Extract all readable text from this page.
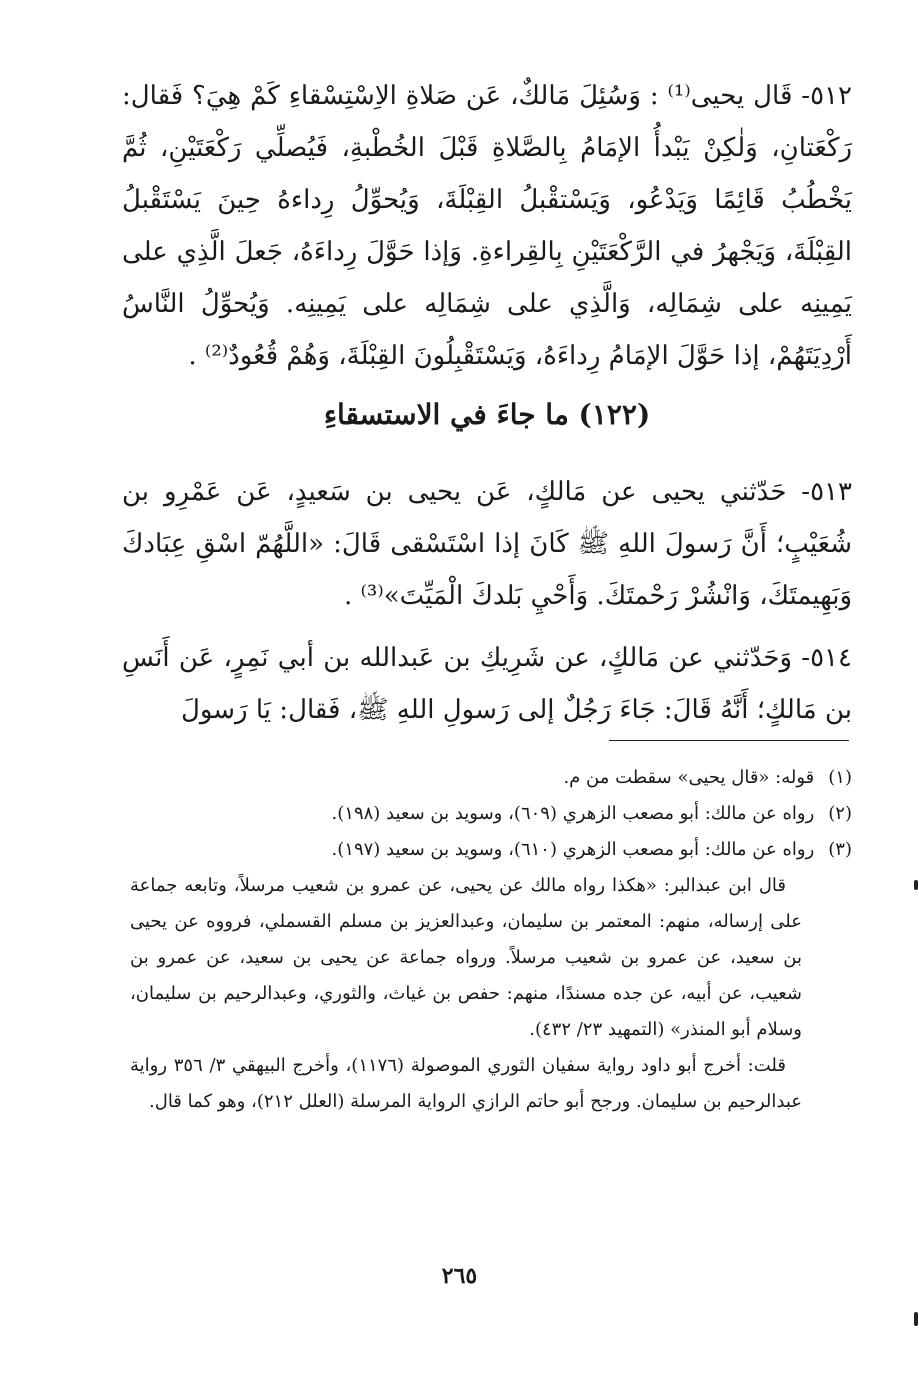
٥١٢- قَال يحيى⁽¹⁾ : وَسُئِلَ مَالكٌ، عَن صَلاةِ الاِسْتِسْقاءِ كَمْ هِيَ؟ فَقال: رَكْعَتانِ، وَلٰكِنْ يَبْدأُ الإمَامُ بِالصَّلاةِ قَبْلَ الخُطْبةِ، فَيُصلِّي رَكْعَتَيْنِ، ثُمَّ يَخْطُبُ قَائِمًا وَيَدْعُو، وَيَسْتقْبلُ القِبْلَةَ، وَيُحوِّلُ رِداءهُ حِينَ يَسْتَقْبلُ القِبْلَةَ، وَيَجْهرُ في الرَّكْعَتَيْنِ بِالقِراءةِ. وَإذا حَوَّلَ رِداءَهُ، جَعلَ الَّذِي على يَمِينِه على شِمَالِه، وَالَّذِي على شِمَالِه على يَمِينِه. وَيُحوِّلُ النَّاسُ أَرْدِيَتَهُمْ، إذا حَوَّلَ الإمَامُ رِداءَهُ، وَيَسْتَقْبِلُونَ القِبْلَةَ، وَهُمْ قُعُودٌ⁽²⁾ .

(١٢٢) ما جاءَ في الاستسقاءِ

٥١٣- حَدّثني يحيى عن مَالكٍ، عَن يحيى بن سَعيدٍ، عَن عَمْرِو بن شُعَيْبٍ؛ أَنَّ رَسولَ اللهِ ﷺ كَانَ إذا اسْتَسْقى قَالَ: «اللَّهُمّ اسْقِ عِبَادكَ وَبَهِيمتَكَ، وَانْشُرْ رَحْمتَكَ. وَأَحْيِ بَلدكَ الْمَيِّتَ»⁽³⁾ .

٥١٤- وَحَدّثني عن مَالكٍ، عن شَرِيكِ بن عَبدالله بن أبي نَمِرٍ، عَن أَنَسِ بن مَالكٍ؛ أَنَّهُ قَالَ: جَاءَ رَجُلٌ إلى رَسولِ اللهِ ﷺ، فَقال: يَا رَسولَ

(١)
قوله: «قال يحيى» سقطت من م.
(٢)
رواه عن مالك: أبو مصعب الزهري (٦٠٩)، وسويد بن سعيد (١٩٨).
(٣)
رواه عن مالك: أبو مصعب الزهري (٦١٠)، وسويد بن سعيد (١٩٧).

قال ابن عبدالبر: «هكذا رواه مالك عن يحيى، عن عمرو بن شعيب مرسلاً، وتابعه جماعة على إرساله، منهم: المعتمر بن سليمان، وعبدالعزيز بن مسلم القسملي، فرووه عن يحيى بن سعيد، عن عمرو بن شعيب مرسلاً. ورواه جماعة عن يحيى بن سعيد، عن عمرو بن شعيب، عن أبيه، عن جده مسندًا، منهم: حفص بن غياث، والثوري، وعبدالرحيم بن سليمان، وسلام أبو المنذر» (التمهيد ٢٣/ ٤٣٢).

قلت: أخرج أبو داود رواية سفيان الثوري الموصولة (١١٧٦)، وأخرج البيهقي ٣/ ٣٥٦ رواية عبدالرحيم بن سليمان. ورجح أبو حاتم الرازي الرواية المرسلة (العلل ٢١٢)، وهو كما قال.

٢٦٥
